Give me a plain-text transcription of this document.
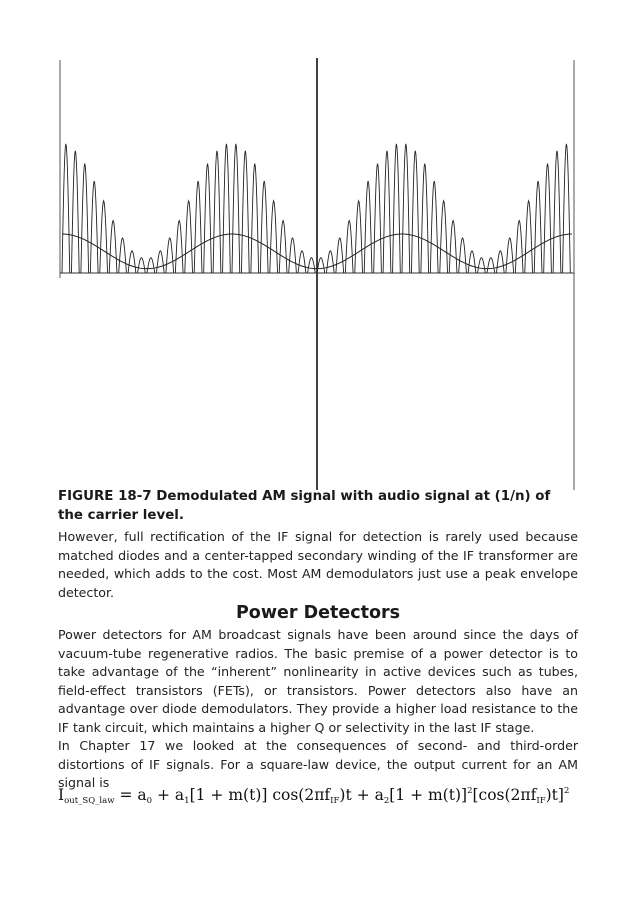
FIGURE 18-7 Demodulated AM signal with audio signal at (1/n) of the carrier level.

However, full rectification of the IF signal for detection is rarely used because matched diodes and a center-tapped secondary winding of the IF transformer are needed, which adds to the cost. Most AM demodulators just use a peak envelope detector.

Power Detectors

Power detectors for AM broadcast signals have been around since the days of vacuum-tube regenerative radios. The basic premise of a power detector is to take advantage of the “inherent” nonlinearity in active devices such as tubes, field-effect transistors (FETs), or transistors. Power detectors also have an advantage over diode demodulators. They provide a higher load resistance to the IF tank circuit, which maintains a higher Q or selectivity in the last IF stage.

In Chapter 17 we looked at the consequences of second- and third-order distortions of IF signals. For a square-law device, the output current for an AM signal is

$I_{out\_SQ\_law} = a_0 + a_1[1 + m(t)] \cos(2\pi f_{IF})t + a_2[1 + m(t)]^2[\cos(2\pi f_{IF})t]^2$
